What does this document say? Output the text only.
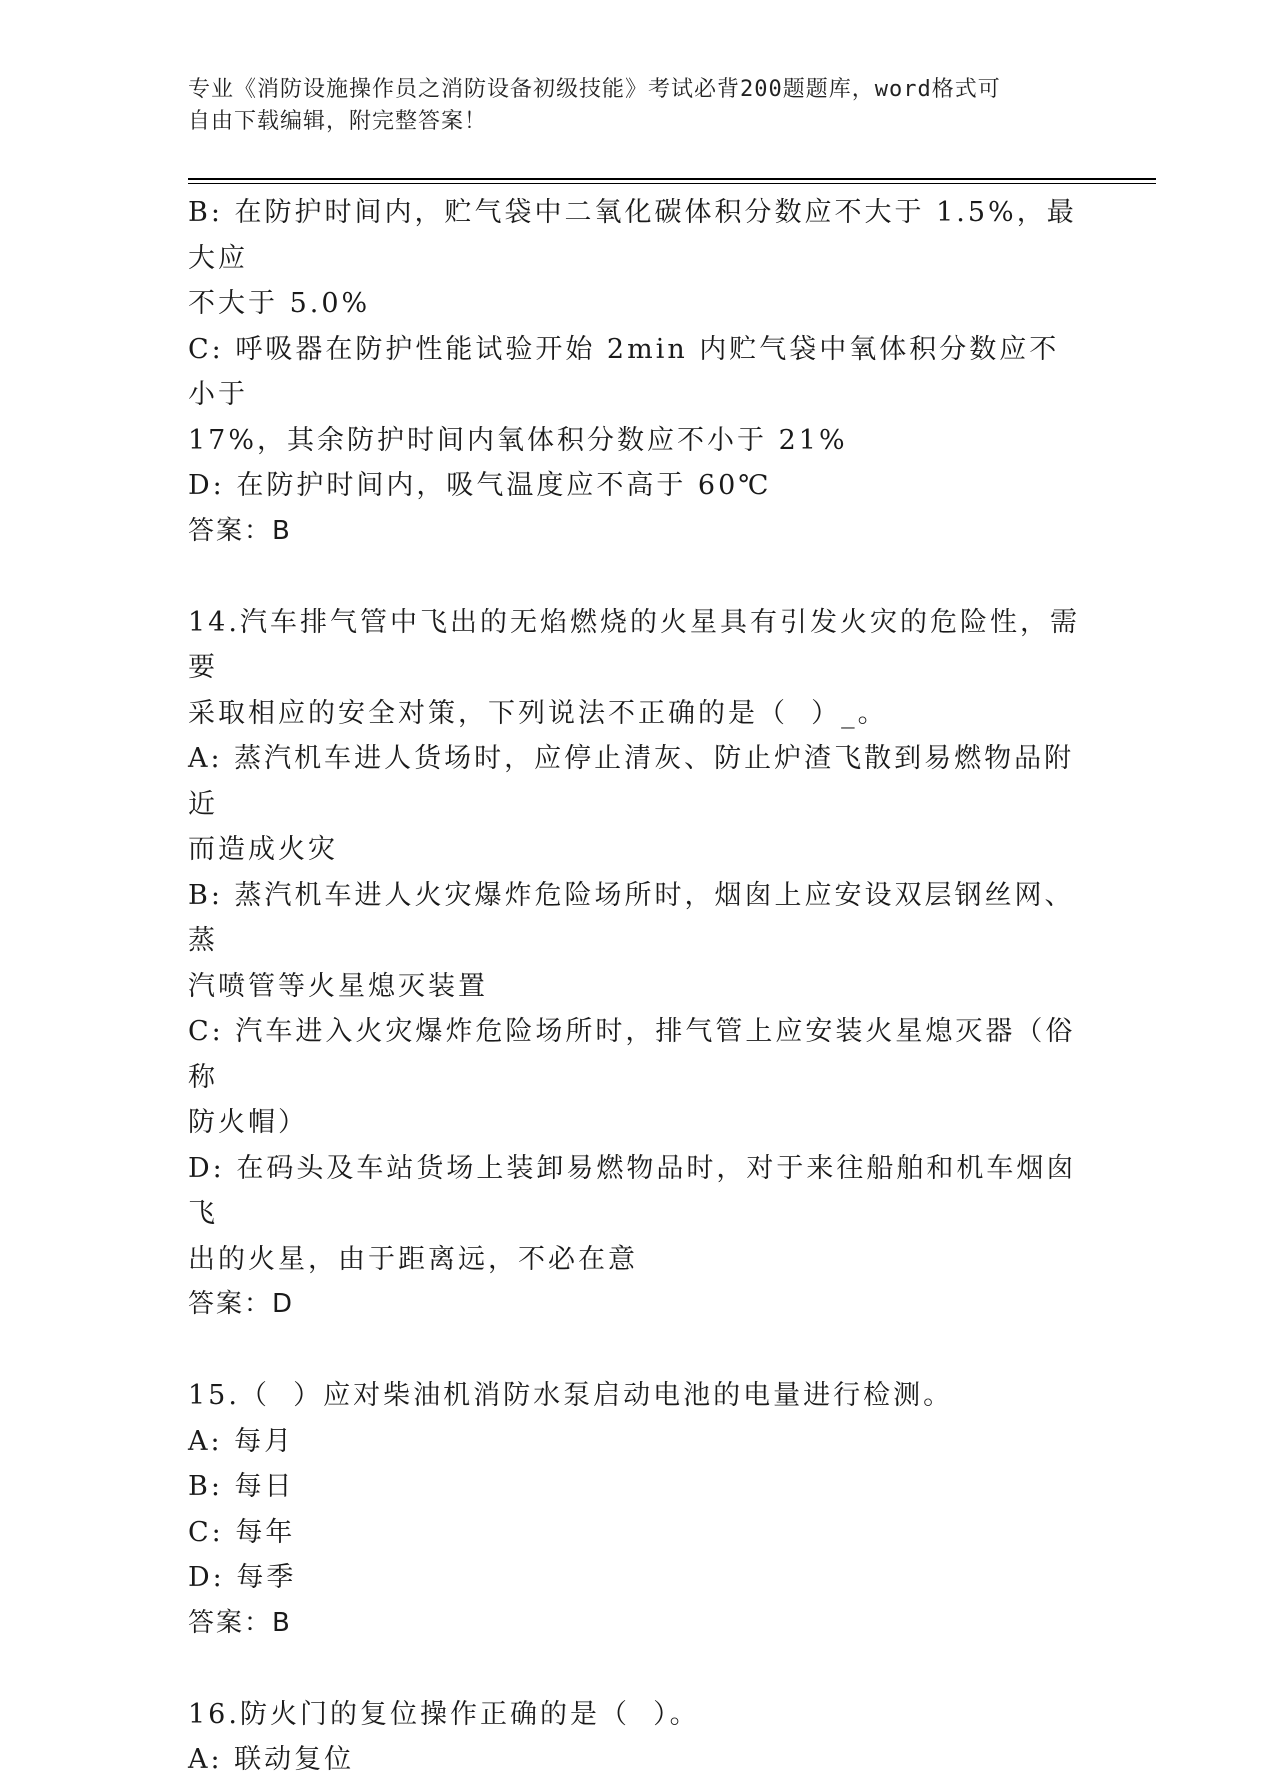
专业《消防设施操作员之消防设备初级技能》考试必背200题题库，word格式可
自由下载编辑，附完整答案！

B: 在防护时间内，贮气袋中二氧化碳体积分数应不大于 1.5%，最大应

不大于 5.0%

C: 呼吸器在防护性能试验开始 2min 内贮气袋中氧体积分数应不小于

17%，其余防护时间内氧体积分数应不小于 21%

D: 在防护时间内，吸气温度应不高于 60℃

答案：B

14.汽车排气管中飞出的无焰燃烧的火星具有引发火灾的危险性，需要

采取相应的安全对策，下列说法不正确的是（  ）_。

A: 蒸汽机车进人货场时，应停止清灰、防止炉渣飞散到易燃物品附近

而造成火灾

B: 蒸汽机车进人火灾爆炸危险场所时，烟囱上应安设双层钢丝网、蒸

汽喷管等火星熄灭装置

C: 汽车进入火灾爆炸危险场所时，排气管上应安装火星熄灭器（俗称

防火帽）

D: 在码头及车站货场上装卸易燃物品时，对于来往船舶和机车烟囱飞

出的火星，由于距离远，不必在意

答案：D

15.（  ）应对柴油机消防水泵启动电池的电量进行检测。

A: 每月

B: 每日

C: 每年

D: 每季

答案：B

16.防火门的复位操作正确的是（  ）。

A: 联动复位
